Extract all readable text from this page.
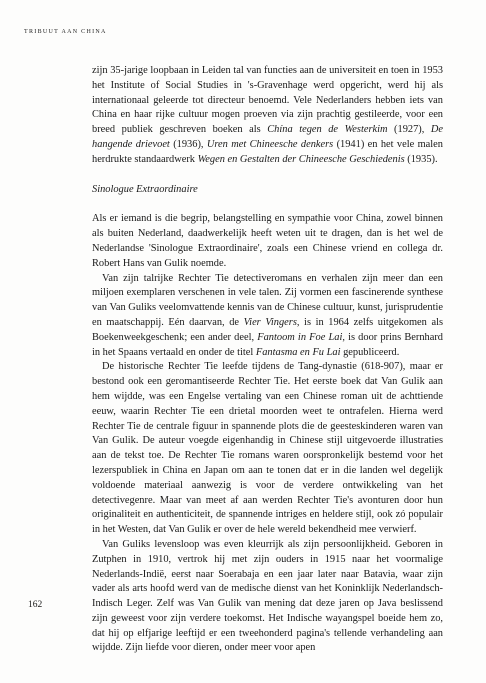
TRIBUUT AAN CHINA

zijn 35-jarige loopbaan in Leiden tal van functies aan de universiteit en toen in 1953 het Institute of Social Studies in 's-Gravenhage werd opgericht, werd hij als internationaal geleerde tot directeur benoemd. Vele Nederlanders hebben iets van China en haar rijke cultuur mogen proeven via zijn prachtig gestileerde, voor een breed publiek geschreven boeken als Chína tegen de Westerkim (1927), De hangende drievoet (1936), Uren met Chineesche denkers (1941) en het vele malen herdrukte standaardwerk Wegen en Gestalten der Chineesche Geschiedenis (1935).

Sinologue Extraordinaire

Als er iemand is die begrip, belangstelling en sympathie voor China, zowel binnen als buiten Nederland, daadwerkelijk heeft weten uit te dragen, dan is het wel de Nederlandse 'Sinologue Extraordinaire', zoals een Chinese vriend en collega dr. Robert Hans van Gulik noemde.

Van zijn talrijke Rechter Tie detectiveromans en verhalen zijn meer dan een miljoen exemplaren verschenen in vele talen. Zij vormen een fascinerende synthese van Van Guliks veelomvattende kennis van de Chinese cultuur, kunst, jurisprudentie en maatschappij. Eén daarvan, de Vier Vingers, is in 1964 zelfs uitgekomen als Boekenweekgeschenk; een ander deel, Fantoom in Foe Lai, is door prins Bernhard in het Spaans vertaald en onder de titel Fantasma en Fu Lai gepubliceerd.

De historische Rechter Tie leefde tijdens de Tang-dynastie (618-907), maar er bestond ook een geromantiseerde Rechter Tie. Het eerste boek dat Van Gulik aan hem wijdde, was een Engelse vertaling van een Chinese roman uit de achttiende eeuw, waarin Rechter Tie een drietal moorden weet te ontrafelen. Hierna werd Rechter Tie de centrale figuur in spannende plots die de geesteskinderen waren van Van Gulik. De auteur voegde eigenhandig in Chinese stijl uitgevoerde illustraties aan de tekst toe. De Rechter Tie romans waren oorspronkelijk bestemd voor het lezerspubliek in China en Japan om aan te tonen dat er in die landen wel degelijk voldoende materiaal aanwezig is voor de verdere ontwikkeling van het detectivegenre. Maar van meet af aan werden Rechter Tie's avonturen door hun originaliteit en authenticiteit, de spannende intriges en heldere stijl, ook zó populair in het Westen, dat Van Gulik er over de hele wereld bekendheid mee verwierf.

Van Guliks levensloop was even kleurrijk als zijn persoonlijkheid. Geboren in Zutphen in 1910, vertrok hij met zijn ouders in 1915 naar het voormalige Nederlands-Indië, eerst naar Soerabaja en een jaar later naar Batavia, waar zijn vader als arts hoofd werd van de medische dienst van het Koninklijk Nederlandsch-Indisch Leger. Zelf was Van Gulik van mening dat deze jaren op Java beslissend zijn geweest voor zijn verdere toekomst. Het Indische wayangspel boeide hem zo, dat hij op elfjarige leeftijd er een tweehonderd pagina's tellende verhandeling aan wijdde. Zijn liefde voor dieren, onder meer voor apen

162
